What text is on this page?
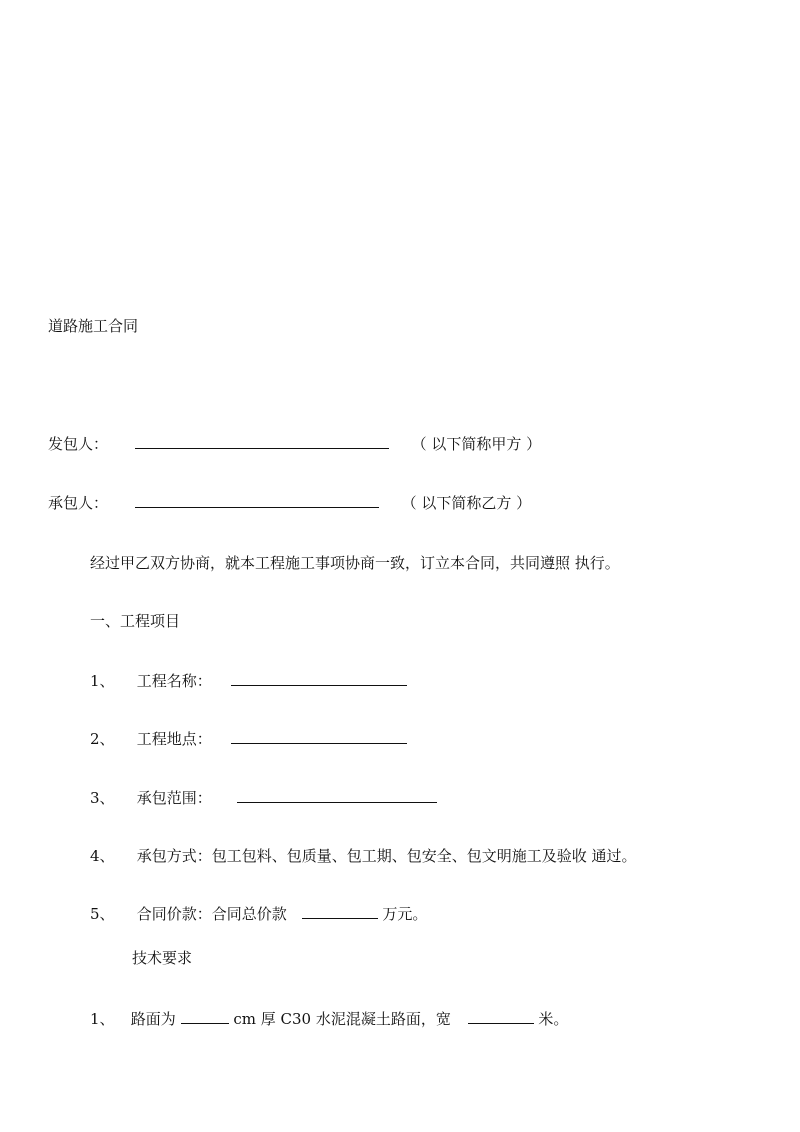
道路施工合同
发包人：	（ 以下简称甲方 ）
承包人：	（ 以下简称乙方 ）
经过甲乙双方协商，就本工程施工事项协商一致，订立本合同，共同遵照 执行。
一、工程项目
1、 工程名称：
2、 工程地点：
3、 承包范围：
4、 承包方式：包工包料、包质量、包工期、包安全、包文明施工及验收 通过。
5、 合同价款：合同总价款	万元。
技术要求
1、 路面为	cm 厚 C30 水泥混凝土路面，宽	米。
